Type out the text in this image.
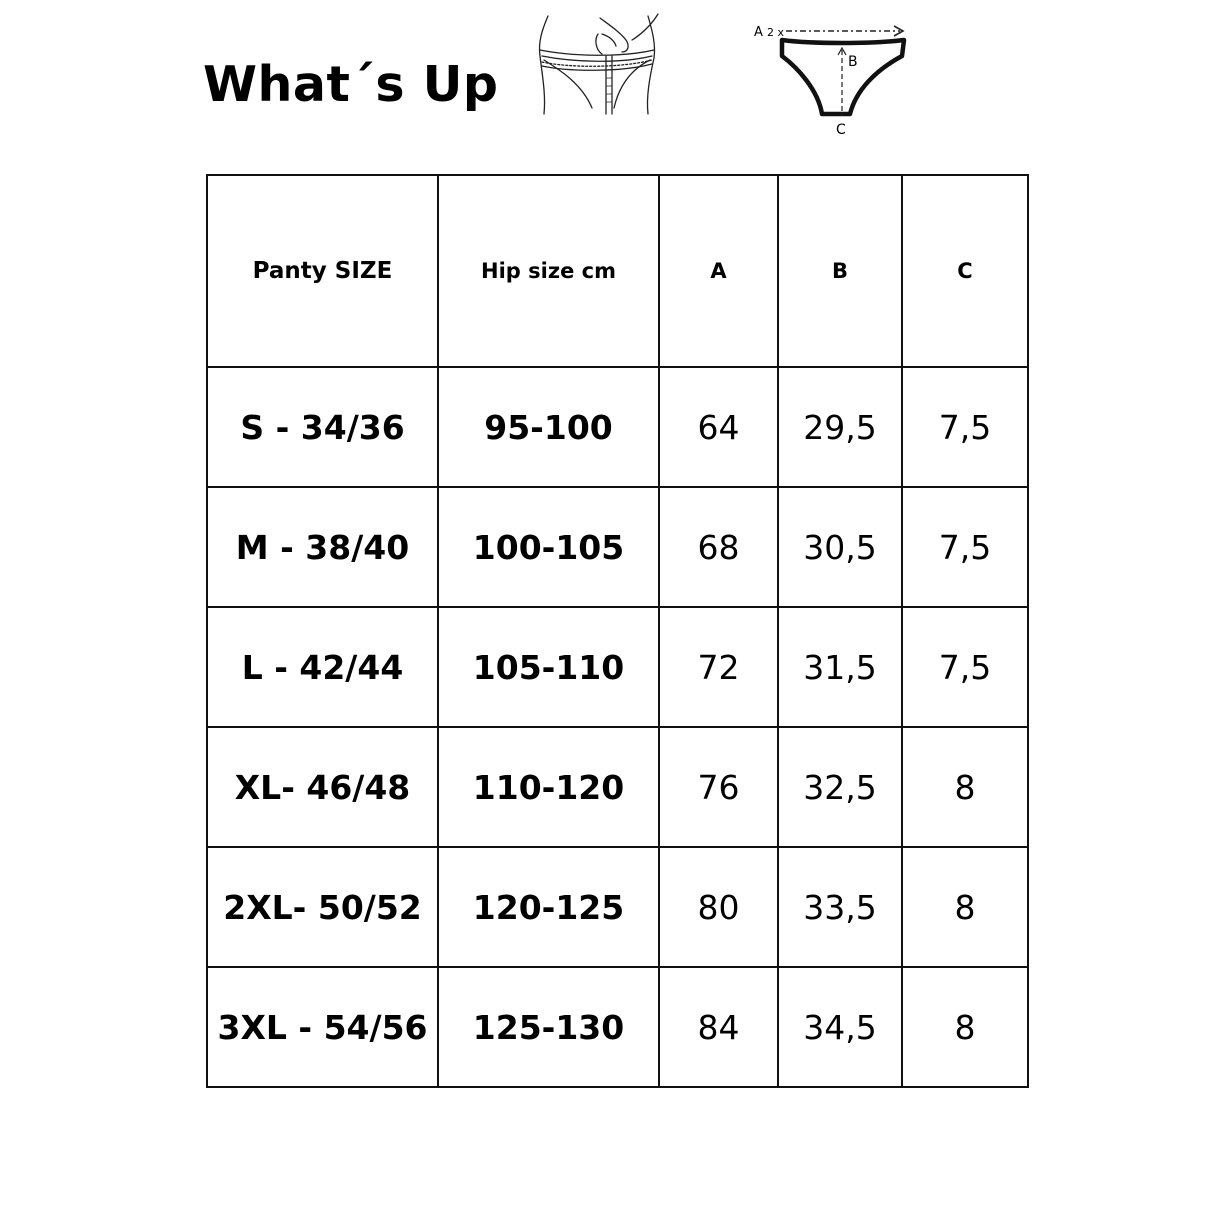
What´s Up
A 2 x
B
C
Panty SIZE	Hip size cm	A	B	C
S - 34/36	95-100	64	29,5	7,5
M - 38/40	100-105	68	30,5	7,5
L - 42/44	105-110	72	31,5	7,5
XL- 46/48	110-120	76	32,5	8
2XL- 50/52	120-125	80	33,5	8
3XL - 54/56	125-130	84	34,5	8
